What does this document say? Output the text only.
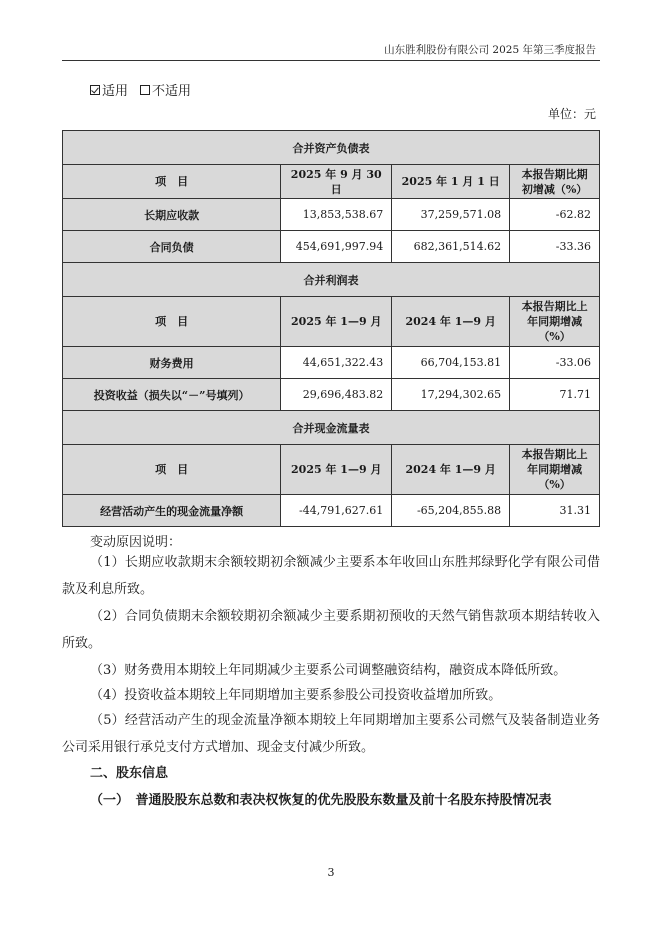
山东胜利股份有限公司 2025 年第三季度报告
适用 不适用
单位：元
合并资产负债表			
项　目	2025 年 9 月 30 日	2025 年 1 月 1 日	本报告期比期初增减（%）
长期应收款	13,853,538.67	37,259,571.08	-62.82
合同负债	454,691,997.94	682,361,514.62	-33.36
合并利润表			
项　目	2025 年 1—9 月	2024 年 1—9 月	本报告期比上年同期增减（%）
财务费用	44,651,322.43	66,704,153.81	-33.06
投资收益（损失以“－”号填列）	29,696,483.82	17,294,302.65	71.71
合并现金流量表			
项　目	2025 年 1—9 月	2024 年 1—9 月	本报告期比上年同期增减（%）
经营活动产生的现金流量净额	-44,791,627.61	-65,204,855.88	31.31
变动原因说明：
（1）长期应收款期末余额较期初余额减少主要系本年收回山东胜邦绿野化学有限公司借款及利息所致。
（2）合同负债期末余额较期初余额减少主要系期初预收的天然气销售款项本期结转收入所致。
（3）财务费用本期较上年同期减少主要系公司调整融资结构，融资成本降低所致。
（4）投资收益本期较上年同期增加主要系参股公司投资收益增加所致。
（5）经营活动产生的现金流量净额本期较上年同期增加主要系公司燃气及装备制造业务公司采用银行承兑支付方式增加、现金支付减少所致。
二、股东信息
（一）　普通股股东总数和表决权恢复的优先股股东数量及前十名股东持股情况表
3
